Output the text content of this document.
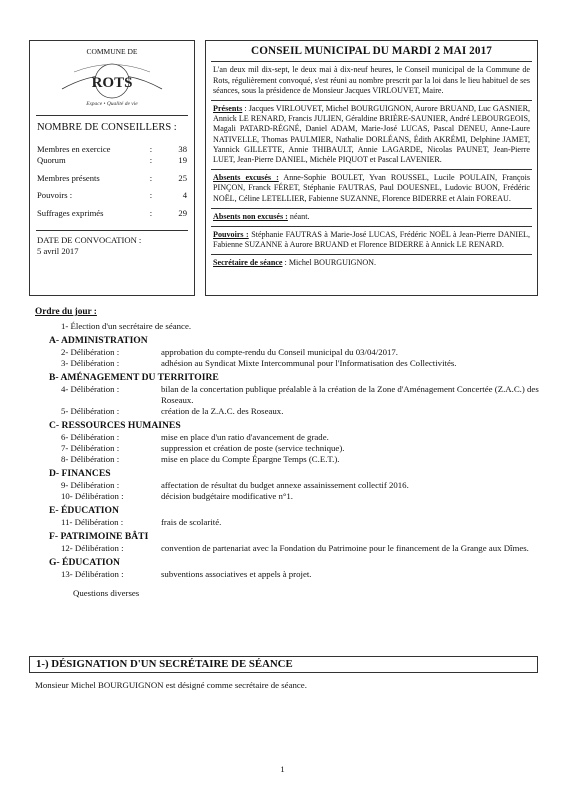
COMMUNE DE
ROTS
Espace • Qualité de vie
NOMBRE DE CONSEILLERS :
Membres en exercice	:	38
Quorum	:	19
Membres présents	:	25
Pouvoirs :	:	4
Suffrages exprimés	:	29
DATE DE CONVOCATION :
5 avril 2017
CONSEIL MUNICIPAL DU MARDI 2 MAI 2017
L'an deux mil dix-sept, le deux mai à dix-neuf heures, le Conseil municipal de la Commune de Rots, régulièrement convoqué, s'est réuni au nombre prescrit par la loi dans le lieu habituel de ses séances, sous la présidence de Monsieur Jacques VIRLOUVET, Maire.
Présents : Jacques VIRLOUVET, Michel BOURGUIGNON, Aurore BRUAND, Luc GASNIER, Annick LE RENARD, Francis JULIEN, Géraldine BRIÈRE-SAUNIER, André LEBOURGEOIS, Magali PATARD-RÉGNÉ, Daniel ADAM, Marie-José LUCAS, Pascal DENEU, Anne-Laure NATIVELLE, Thomas PAULMIER, Nathalie DORLÉANS, Édith AKRÉMI, Delphine JAMET, Yannick GILLETTE, Annie THIBAULT, Annie LAGARDE, Nicolas PAUNET, Jean-Pierre LUET, Jean-Pierre DANIEL, Michèle PIQUOT et Pascal LAVENIER.
Absents excusés : Anne-Sophie BOULET, Yvan ROUSSEL, Lucile POULAIN, François PINÇON, Franck FÉRET, Stéphanie FAUTRAS, Paul DOUESNEL, Ludovic BUON, Frédéric NOËL, Céline LETELLIER, Fabienne SUZANNE, Florence BIDERRE et Alain FOREAU.
Absents non excusés : néant.
Pouvoirs : Stéphanie FAUTRAS à Marie-José LUCAS, Frédéric NOËL à Jean-Pierre DANIEL, Fabienne SUZANNE à Aurore BRUAND et Florence BIDERRE à Annick LE RENARD.
Secrétaire de séance : Michel BOURGUIGNON.
Ordre du jour :
1- Élection d'un secrétaire de séance.
A- ADMINISTRATION
2- Délibération :	approbation du compte-rendu du Conseil municipal du 03/04/2017.
3- Délibération :	adhésion au Syndicat Mixte Intercommunal pour l'Informatisation des Collectivités.
B- AMÉNAGEMENT DU TERRITOIRE
4- Délibération :	bilan de la concertation publique préalable à la création de la Zone d'Aménagement Concertée (Z.A.C.) des Roseaux.
5- Délibération :	création de la Z.A.C. des Roseaux.
C- RESSOURCES HUMAINES
6- Délibération :	mise en place d'un ratio d'avancement de grade.
7- Délibération :	suppression et création de poste (service technique).
8- Délibération :	mise en place du Compte Épargne Temps (C.E.T.).
D- FINANCES
9- Délibération :	affectation de résultat du budget annexe assainissement collectif 2016.
10- Délibération :	décision budgétaire modificative n°1.
E- ÉDUCATION
11- Délibération :	frais de scolarité.
F- PATRIMOINE BÂTI
12- Délibération :	convention de partenariat avec la Fondation du Patrimoine pour le financement de la Grange aux Dîmes.
G- ÉDUCATION
13- Délibération :	subventions associatives et appels à projet.
Questions diverses
1-) DÉSIGNATION D'UN SECRÉTAIRE DE SÉANCE
Monsieur Michel BOURGUIGNON est désigné comme secrétaire de séance.
1
